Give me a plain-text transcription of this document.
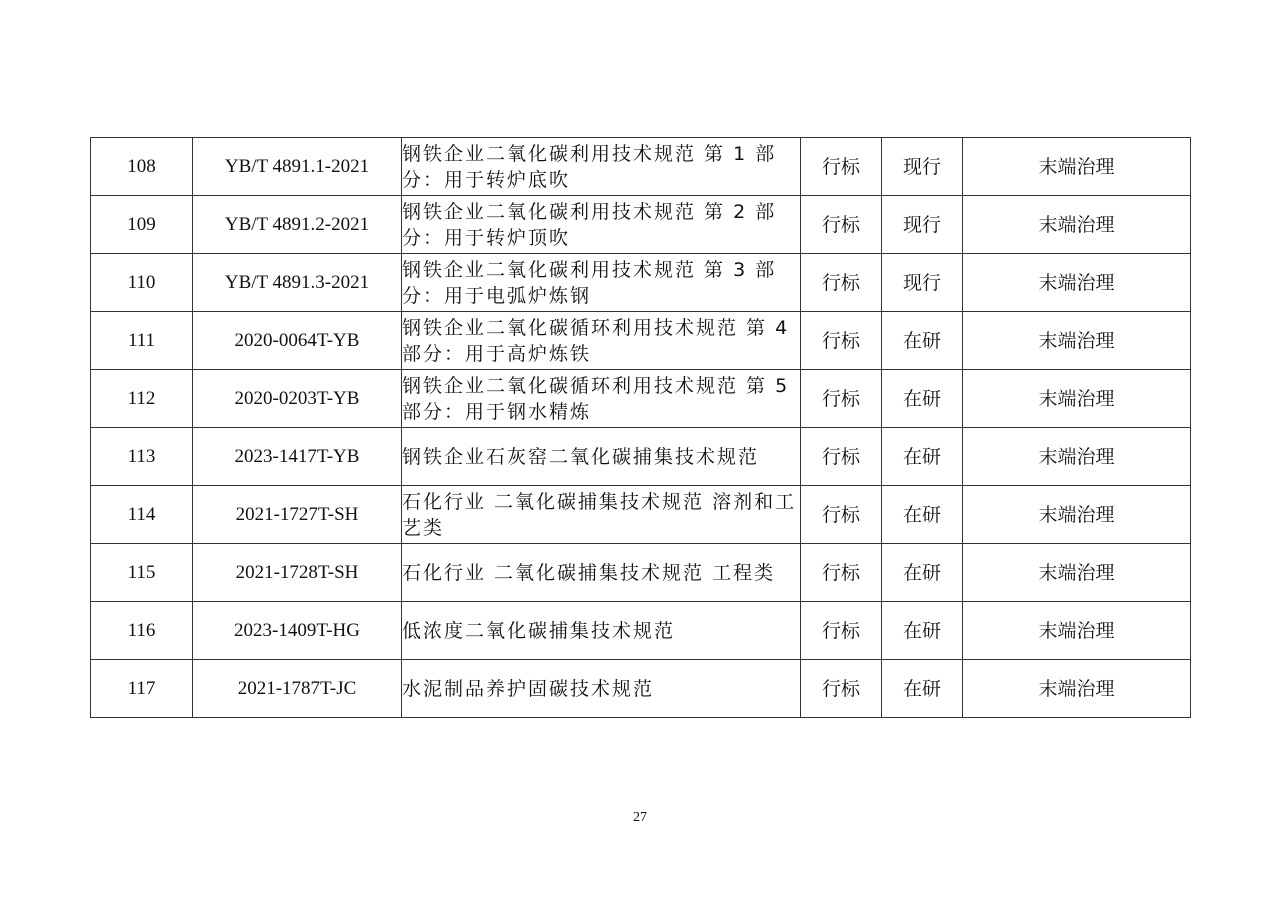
108	YB/T 4891.1-2021	钢铁企业二氧化碳利用技术规范 第 1 部分：用于转炉底吹	行标	现行	末端治理
109	YB/T 4891.2-2021	钢铁企业二氧化碳利用技术规范 第 2 部分：用于转炉顶吹	行标	现行	末端治理
110	YB/T 4891.3-2021	钢铁企业二氧化碳利用技术规范 第 3 部分：用于电弧炉炼钢	行标	现行	末端治理
111	2020-0064T-YB	钢铁企业二氧化碳循环利用技术规范 第 4 部分：用于高炉炼铁	行标	在研	末端治理
112	2020-0203T-YB	钢铁企业二氧化碳循环利用技术规范 第 5 部分：用于钢水精炼	行标	在研	末端治理
113	2023-1417T-YB	钢铁企业石灰窑二氧化碳捕集技术规范	行标	在研	末端治理
114	2021-1727T-SH	石化行业 二氧化碳捕集技术规范 溶剂和工艺类	行标	在研	末端治理
115	2021-1728T-SH	石化行业 二氧化碳捕集技术规范 工程类	行标	在研	末端治理
116	2023-1409T-HG	低浓度二氧化碳捕集技术规范	行标	在研	末端治理
117	2021-1787T-JC	水泥制品养护固碳技术规范	行标	在研	末端治理
27
